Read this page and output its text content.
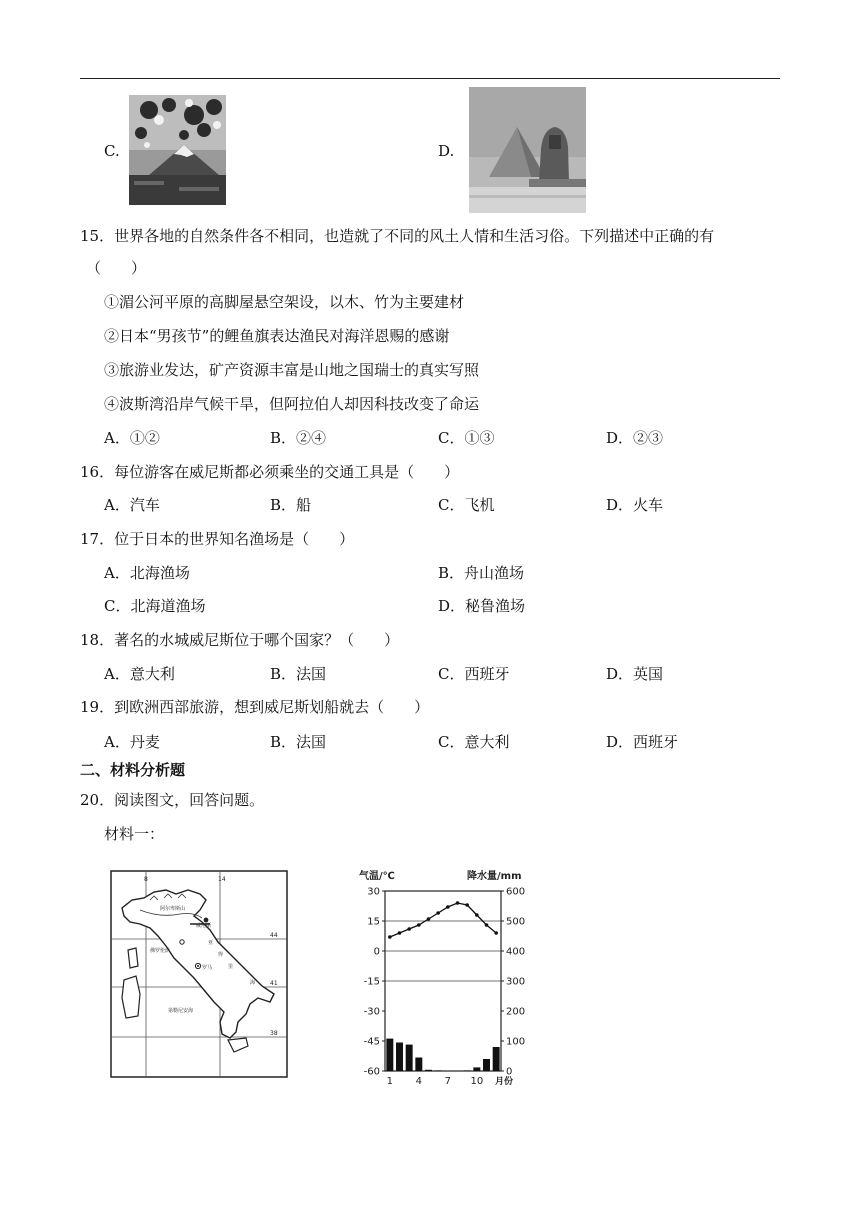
C.	D.
15．世界各地的自然条件各不相同，也造就了不同的风土人情和生活习俗。下列描述中正确的有
（　　）
①湄公河平原的高脚屋悬空架设，以木、竹为主要建材
②日本“男孩节”的鲤鱼旗表达渔民对海洋恩赐的感谢
③旅游业发达，矿产资源丰富是山地之国瑞士的真实写照
④波斯湾沿岸气候干旱，但阿拉伯人却因科技改变了命运
A．①②	B．②④	C．①③	D．②③
16．每位游客在威尼斯都必须乘坐的交通工具是（　　）
A．汽车	B．船	C．飞机	D．火车
17．位于日本的世界知名渔场是（　　）
A．北海渔场	B．舟山渔场
C．北海道渔场	D．秘鲁渔场
18．著名的水城威尼斯位于哪个国家？（　　）
A．意大利	B．法国	C．西班牙	D．英国
19．到欧洲西部旅游，想到威尼斯划船就去（　　）
A．丹麦	B．法国	C．意大利	D．西班牙
二、材料分析题
20．阅读图文，回答问题。
材料一：
8	14
44
41
38
阿尔卑斯山
威尼斯
佛罗伦萨
罗马
第勒尼安海
亚
得
里
海
气温/℃	降水量/mm
30
15
0
-15
-30
-45
-60
600
500
400
300
200
100
0
1 4 7 10 月份
